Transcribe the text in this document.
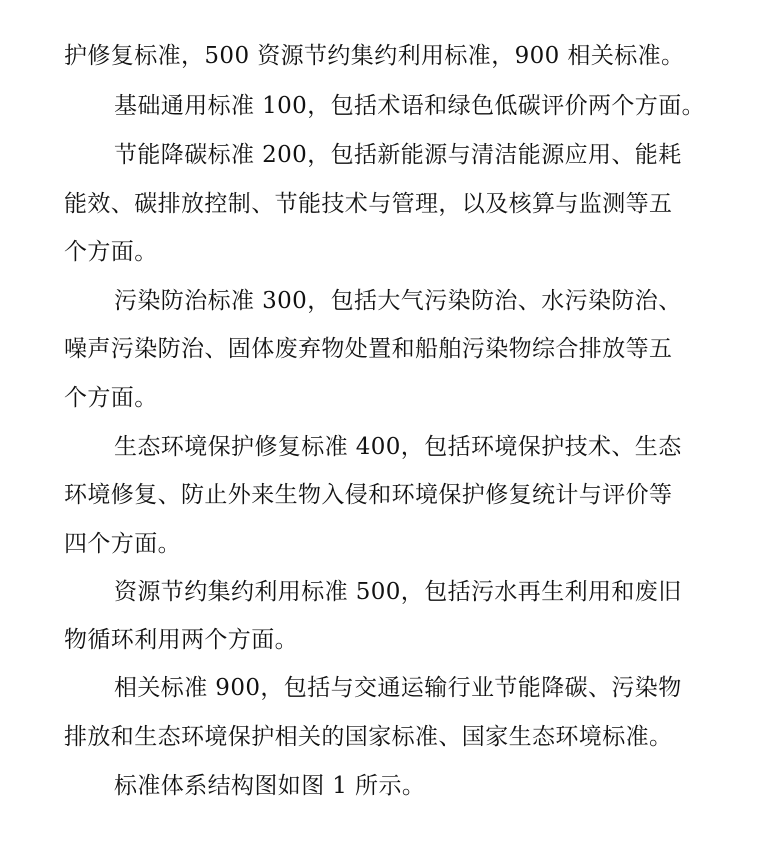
护修复标准，500 资源节约集约利用标准，900 相关标准。
基础通用标准 100，包括术语和绿色低碳评价两个方面。
节能降碳标准 200，包括新能源与清洁能源应用、能耗
能效、碳排放控制、节能技术与管理，以及核算与监测等五
个方面。
污染防治标准 300，包括大气污染防治、水污染防治、
噪声污染防治、固体废弃物处置和船舶污染物综合排放等五
个方面。
生态环境保护修复标准 400，包括环境保护技术、生态
环境修复、防止外来生物入侵和环境保护修复统计与评价等
四个方面。
资源节约集约利用标准 500，包括污水再生利用和废旧
物循环利用两个方面。
相关标准 900，包括与交通运输行业节能降碳、污染物
排放和生态环境保护相关的国家标准、国家生态环境标准。
标准体系结构图如图 1 所示。
